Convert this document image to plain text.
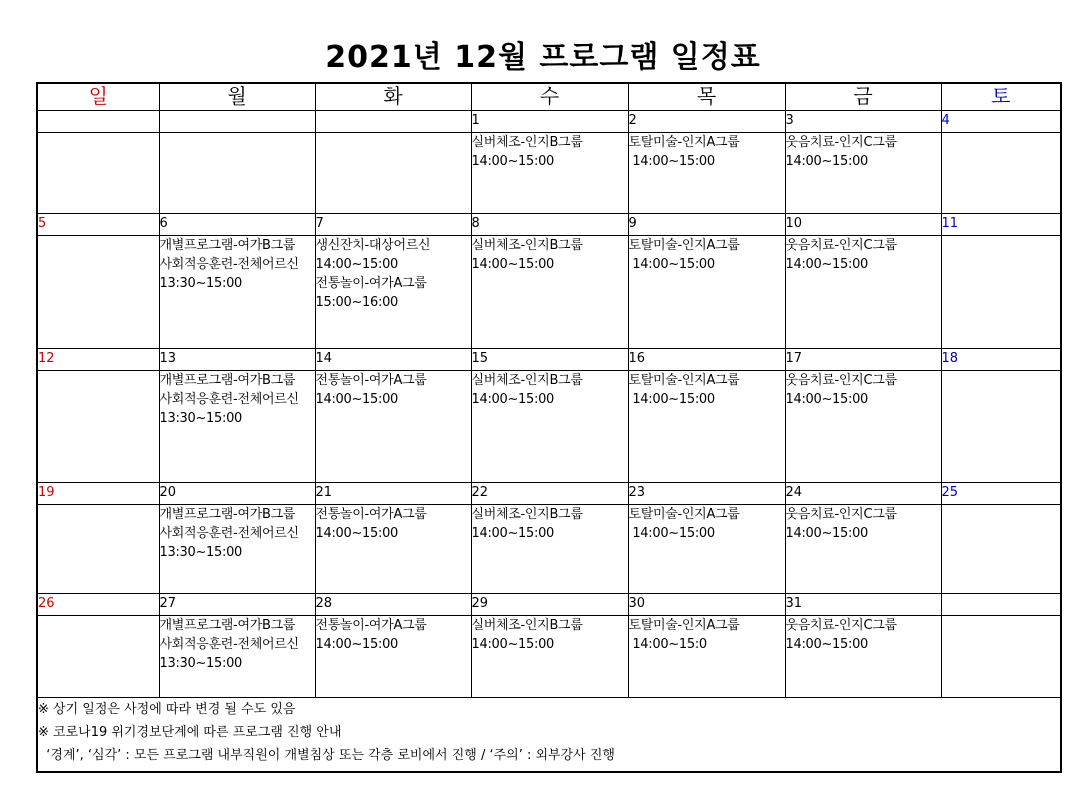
2021년 12월 프로그램 일정표
일	월	화	수	목	금	토
			1	2	3	4

			실버체조-인지B그룹
14:00~15:00	토탈미술-인지A그룹
14:00~15:00	웃음치료-인지C그룹
14:00~15:00	

5	6	7	8	9	10	11

	개별프로그램-여가B그룹
사회적응훈련-전체어르신
13:30~15:00	생신잔치-대상어르신
14:00~15:00
전통놀이-여가A그룹
15:00~16:00	실버체조-인지B그룹
14:00~15:00	토탈미술-인지A그룹
14:00~15:00	웃음치료-인지C그룹
14:00~15:00	

12	13	14	15	16	17	18

	개별프로그램-여가B그룹
사회적응훈련-전체어르신
13:30~15:00	전통놀이-여가A그룹
14:00~15:00	실버체조-인지B그룹
14:00~15:00	토탈미술-인지A그룹
14:00~15:00	웃음치료-인지C그룹
14:00~15:00	

19	20	21	22	23	24	25

	개별프로그램-여가B그룹
사회적응훈련-전체어르신
13:30~15:00	전통놀이-여가A그룹
14:00~15:00	실버체조-인지B그룹
14:00~15:00	토탈미술-인지A그룹
14:00~15:00	웃음치료-인지C그룹
14:00~15:00	

26	27	28	29	30	31	

	개별프로그램-여가B그룹
사회적응훈련-전체어르신
13:30~15:00	전통놀이-여가A그룹
14:00~15:00	실버체조-인지B그룹
14:00~15:00	토탈미술-인지A그룹
14:00~15:0	웃음치료-인지C그룹
14:00~15:00	

※ 상기 일정은 사정에 따라 변경 될 수도 있음
※ 코로나19 위기경보단계에 따른 프로그램 진행 안내
‘경계’, ‘심각’ : 모든 프로그램 내부직원이 개별침상 또는 각층 로비에서 진행 / ‘주의’ : 외부강사 진행						
